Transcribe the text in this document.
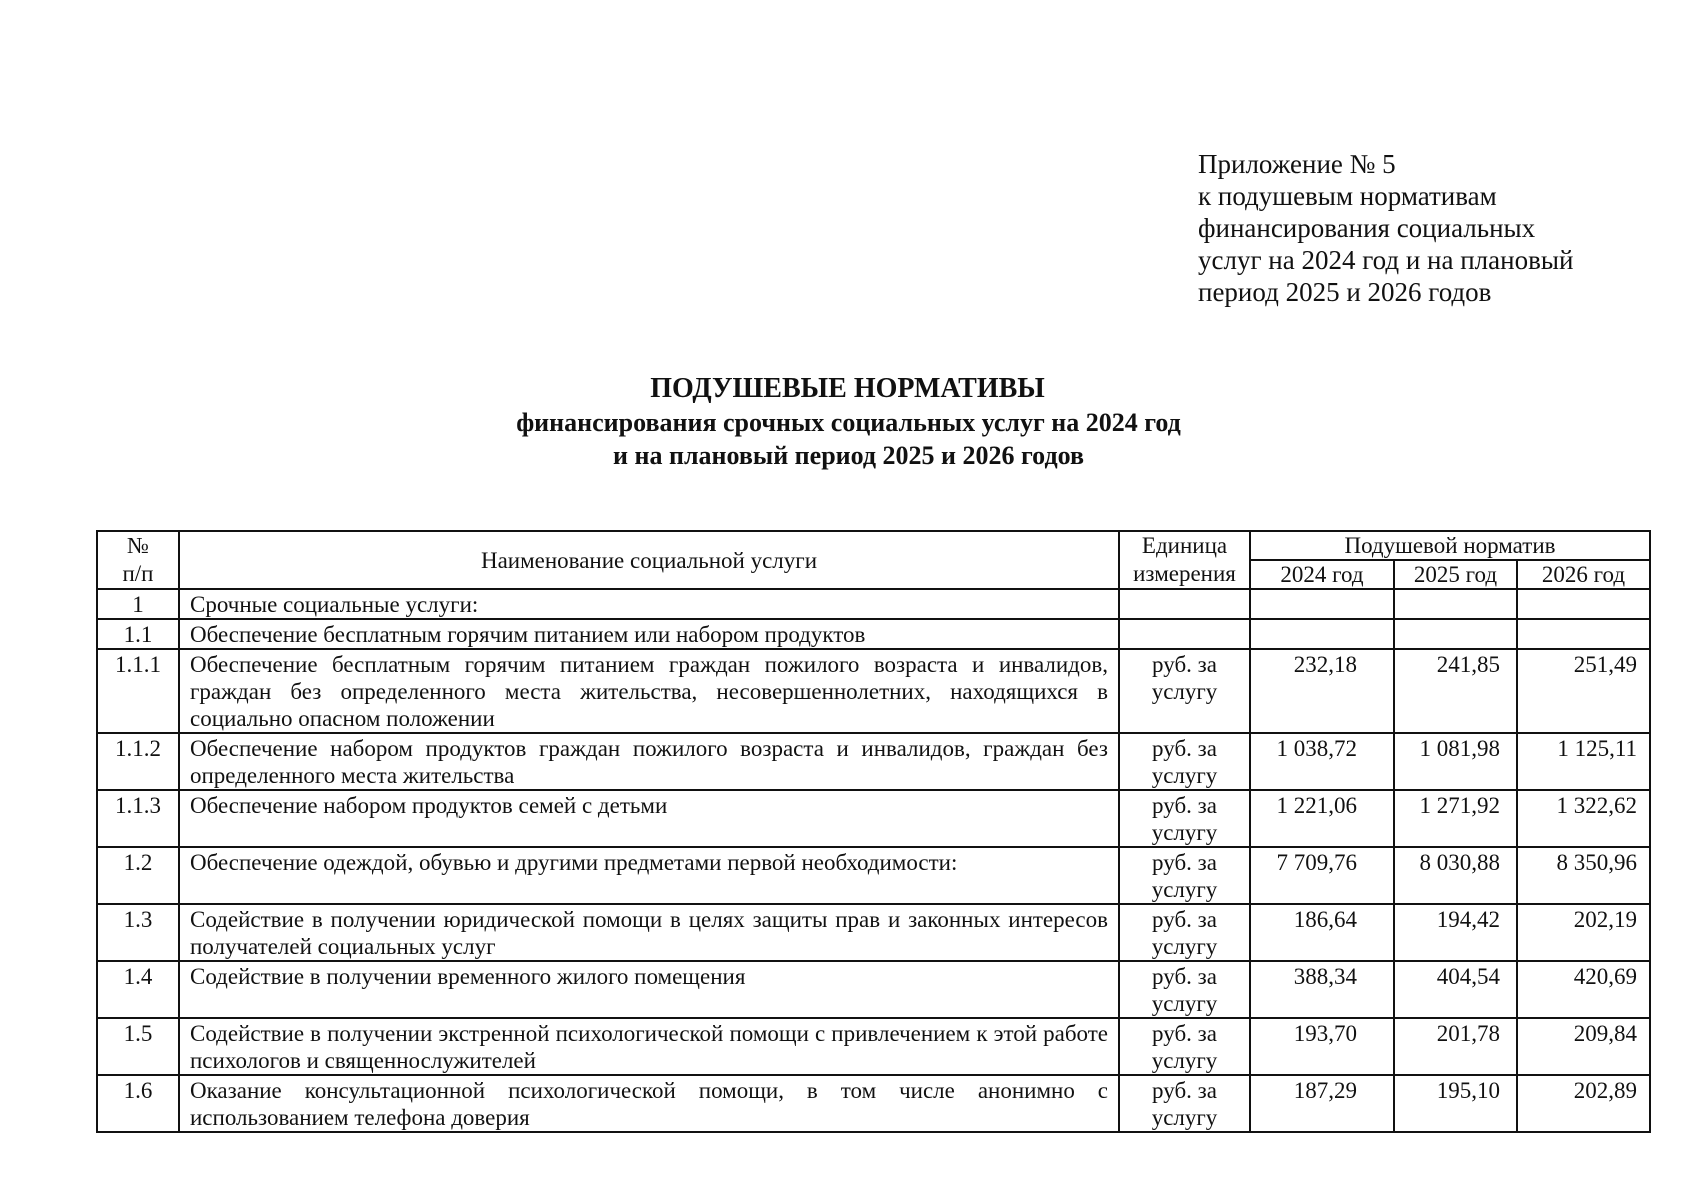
Приложение № 5
к подушевым нормативам
финансирования социальных
услуг на 2024 год и на плановый
период 2025 и 2026 годов
ПОДУШЕВЫЕ НОРМАТИВЫ
финансирования срочных социальных услуг на 2024 год
и на плановый период 2025 и 2026 годов
№
п/п	Наименование социальной услуги	Единица измерения	Подушевой норматив		
			2024 год	2025 год	2026 год
1	Срочные социальные услуги:				
1.1	Обеспечение бесплатным горячим питанием или набором продуктов				
1.1.1	Обеспечение бесплатным горячим питанием граждан пожилого возраста и инвалидов, граждан без определенного места жительства, несовершеннолетних, находящихся в социально опасном положении	руб. за услугу	232,18	241,85	251,49
1.1.2	Обеспечение набором продуктов граждан пожилого возраста и инвалидов, граждан без определенного места жительства	руб. за услугу	1 038,72	1 081,98	1 125,11
1.1.3	Обеспечение набором продуктов семей с детьми	руб. за услугу	1 221,06	1 271,92	1 322,62
1.2	Обеспечение одеждой, обувью и другими предметами первой необходимости:	руб. за услугу	7 709,76	8 030,88	8 350,96
1.3	Содействие в получении юридической помощи в целях защиты прав и законных интересов получателей социальных услуг	руб. за услугу	186,64	194,42	202,19
1.4	Содействие в получении временного жилого помещения	руб. за услугу	388,34	404,54	420,69
1.5	Содействие в получении экстренной психологической помощи с привлечением к этой работе психологов и священнослужителей	руб. за услугу	193,70	201,78	209,84
1.6	Оказание консультационной психологической помощи, в том числе анонимно с использованием телефона доверия	руб. за услугу	187,29	195,10	202,89
